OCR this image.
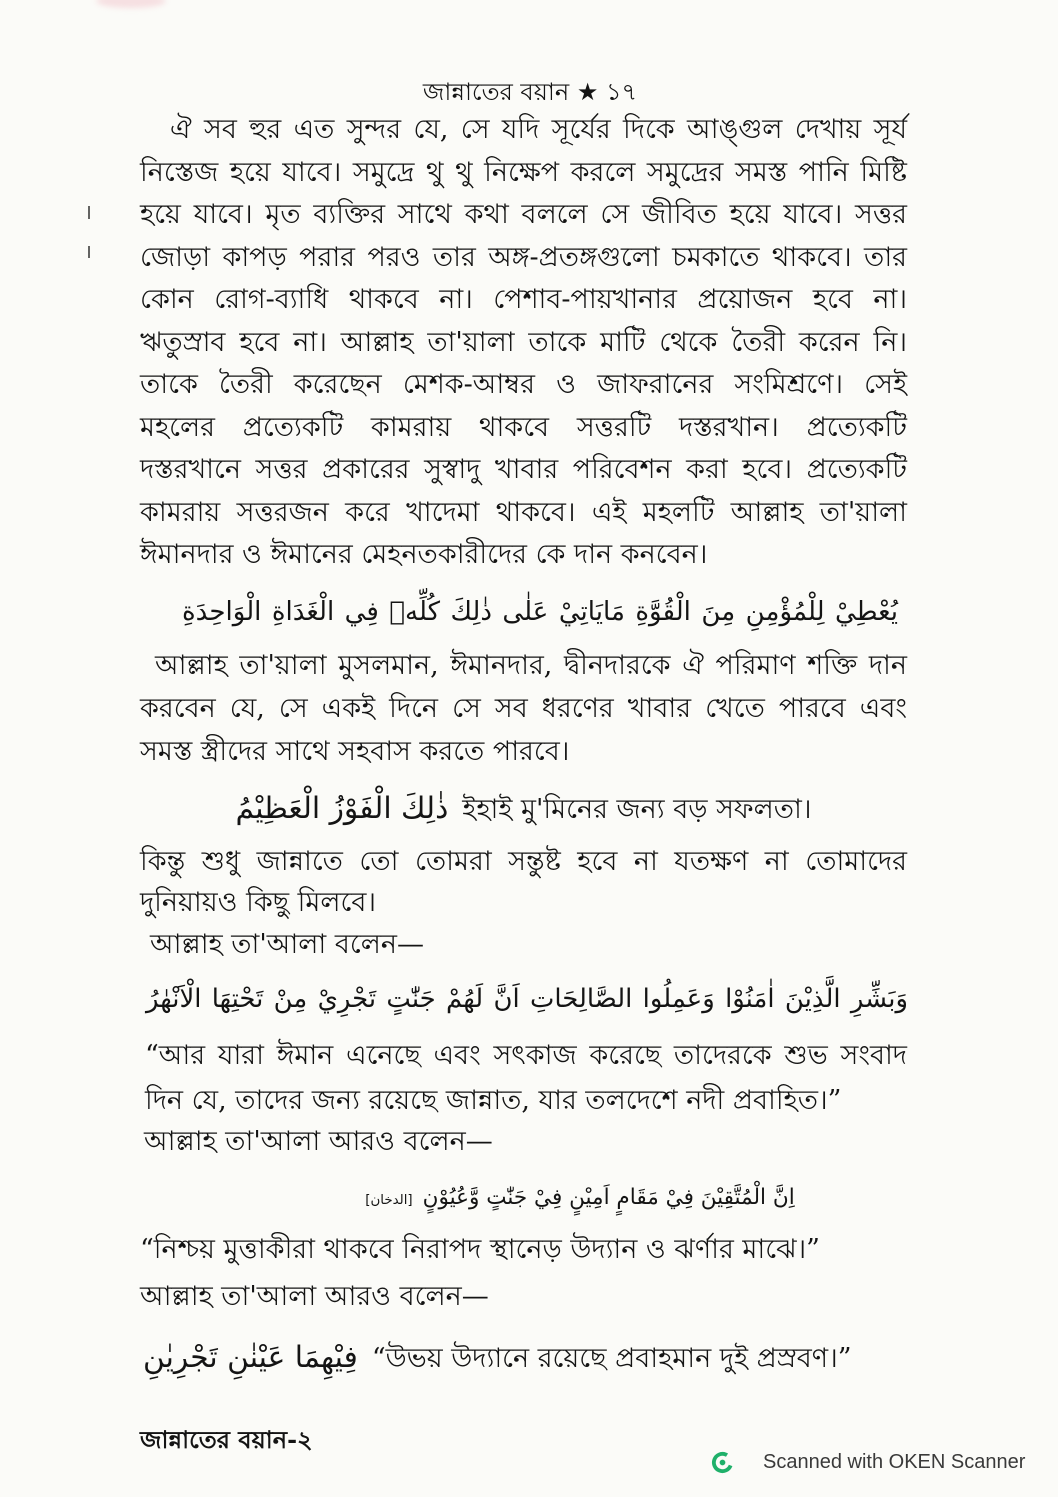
জান্নাতের বয়ান ★ ১৭
ঐ সব হুর এত সুন্দর যে, সে যদি সূর্যের দিকে আঙ্গুল দেখায় সূর্য
নিস্তেজ হয়ে যাবে। সমুদ্রে থু থু নিক্ষেপ করলে সমুদ্রের সমস্ত পানি মিষ্টি
হয়ে যাবে। মৃত ব্যক্তির সাথে কথা বললে সে জীবিত হয়ে যাবে। সত্তর
জোড়া কাপড় পরার পরও তার অঙ্গ-প্রতঙ্গগুলো চমকাতে থাকবে। তার
কোন রোগ-ব্যাধি থাকবে না। পেশাব-পায়খানার প্রয়োজন হবে না।
ঋতুস্রাব হবে না। আল্লাহ তা'য়ালা তাকে মাটি থেকে তৈরী করেন নি।
তাকে তৈরী করেছেন মেশক-আম্বর ও জাফরানের সংমিশ্রণে। সেই
মহলের প্রত্যেকটি কামরায় থাকবে সত্তরটি দস্তরখান। প্রত্যেকটি
দস্তরখানে সত্তর প্রকারের সুস্বাদু খাবার পরিবেশন করা হবে। প্রত্যেকটি
কামরায় সত্তরজন করে খাদেমা থাকবে। এই মহলটি আল্লাহ তা'য়ালা
ঈমানদার ও ঈমানের মেহনতকারীদের কে দান কনবেন।
يُعْطِيْ لِلْمُؤْمِنِ مِنَ الْقُوَّةِ مَايَاتِيْ عَلٰى ذٰلِكَ كُلِّهٖ فِي الْغَدَاةِ الْوَاحِدَةِ
আল্লাহ তা'য়ালা মুসলমান, ঈমানদার, দ্বীনদারকে ঐ পরিমাণ শক্তি দান
করবেন যে, সে একই দিনে সে সব ধরণের খাবার খেতে পারবে এবং
সমস্ত স্ত্রীদের সাথে সহবাস করতে পারবে।
ذٰلِكَ الْفَوْزُ الْعَظِيْمُ ইহাই মু'মিনের জন্য বড় সফলতা।
কিন্তু শুধু জান্নাতে তো তোমরা সন্তুষ্ট হবে না যতক্ষণ না তোমাদের
দুনিয়ায়ও কিছু মিলবে।
আল্লাহ তা'আলা বলেন—
وَبَشِّرِ الَّذِيْنَ اٰمَنُوْا وَعَمِلُوا الصَّالِحَاتِ اَنَّ لَهُمْ جَنّٰتٍ تَجْرِيْ مِنْ تَحْتِهَا الْاَنْهٰرُ
“আর যারা ঈমান এনেছে এবং সৎকাজ করেছে তাদেরকে শুভ সংবাদ
দিন যে, তাদের জন্য রয়েছে জান্নাত, যার তলদেশে নদী প্রবাহিত।”
আল্লাহ তা'আলা আরও বলেন—
اِنَّ الْمُتَّقِيْنَ فِيْ مَقَامٍ اَمِيْنٍ فِيْ جَنّٰتٍ وَّعُيُوْنٍ[الدخان]
“নিশ্চয় মুত্তাকীরা থাকবে নিরাপদ স্থানেড় উদ্যান ও ঝর্ণার মাঝে।”
আল্লাহ তা'আলা আরও বলেন—
فِيْهِمَا عَيْنٰنِ تَجْرِيٰنِ “উভয় উদ্যানে রয়েছে প্রবাহমান দুই প্রস্রবণ।”
জান্নাতের বয়ান-২
Scanned with OKEN Scanner
